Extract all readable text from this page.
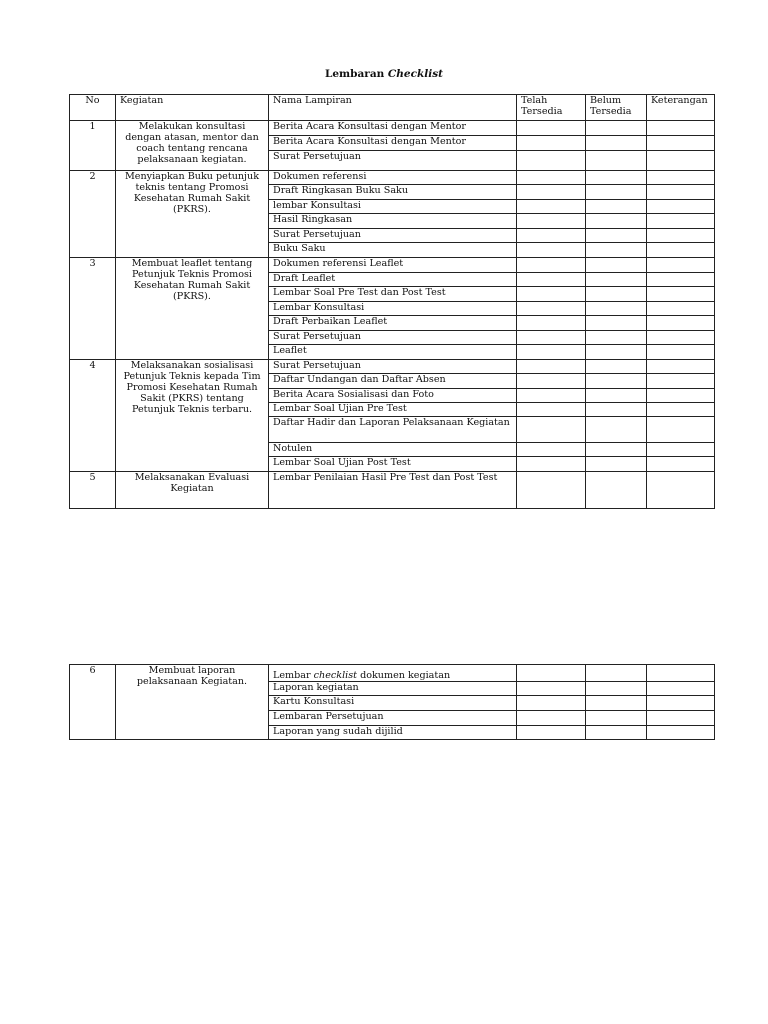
Lembaran Checklist
No	Kegiatan	Nama Lampiran	Telah Tersedia	Belum Tersedia	Keterangan
1	Melakukan konsultasi dengan atasan, mentor dan coach tentang rencana pelaksanaan kegiatan.	Berita Acara Konsultasi dengan Mentor			
		Berita Acara Konsultasi dengan Mentor			
		Surat Persetujuan			
2	Menyiapkan Buku petunjuk teknis tentang Promosi Kesehatan Rumah Sakit (PKRS).	Dokumen referensi			
		Draft Ringkasan Buku Saku			
		lembar Konsultasi			
		Hasil Ringkasan			
		Surat Persetujuan			
		Buku Saku			
3	Membuat leaflet tentang Petunjuk Teknis Promosi Kesehatan Rumah Sakit (PKRS).	Dokumen referensi Leaflet			
		Draft Leaflet			
		Lembar Soal Pre Test dan Post Test			
		Lembar Konsultasi			
		Draft Perbaikan Leaflet			
		Surat Persetujuan			
		Leaflet			
4	Melaksanakan sosialisasi Petunjuk Teknis kepada Tim Promosi Kesehatan Rumah Sakit (PKRS) tentang Petunjuk Teknis terbaru.	Surat Persetujuan			
		Daftar Undangan dan Daftar Absen			
		Berita Acara Sosialisasi dan Foto			
		Lembar Soal Ujian Pre Test			
		Daftar Hadir dan Laporan Pelaksanaan Kegiatan			
		Notulen			
		Lembar Soal Ujian Post Test			
5	Melaksanakan Evaluasi Kegiatan	Lembar Penilaian Hasil Pre Test dan Post Test			
6	Membuat laporan pelaksanaan Kegiatan.	Lembar checklist dokumen kegiatan			
		Laporan kegiatan			
		Kartu Konsultasi			
		Lembaran Persetujuan			
		Laporan yang sudah dijilid			
